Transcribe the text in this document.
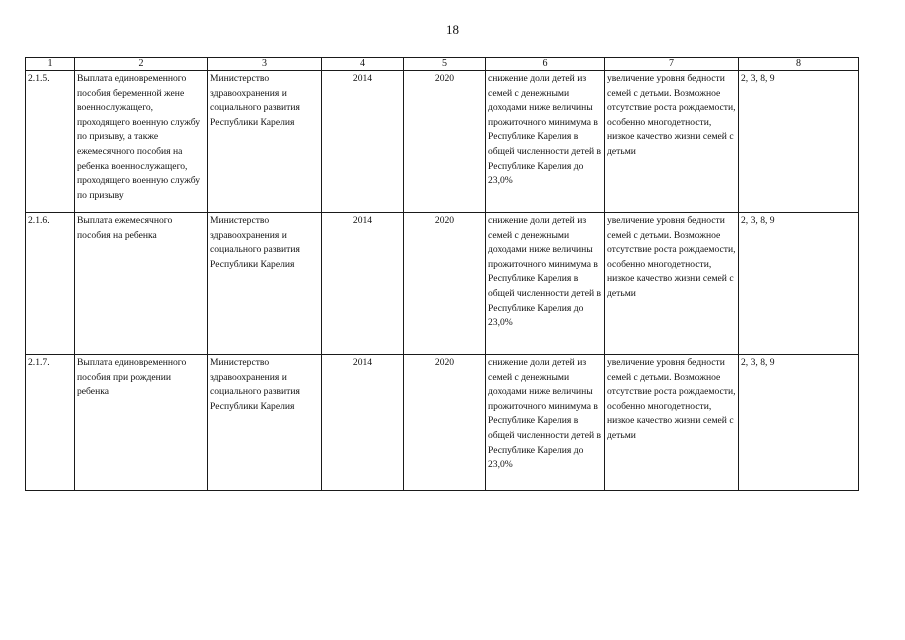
18
1	2	3	4	5	6	7	8
2.1.5.	Выплата единовременного пособия беременной жене военнослужащего, проходящего военную службу по призыву, а также ежемесячного пособия на ребенка военнослужащего, проходящего военную службу по призыву	Министерство здравоохранения и социального развития Республики Карелия	2014	2020	снижение доли детей из семей с денежными доходами ниже величины прожиточного минимума в Республике Карелия в общей численности детей в Республике Карелия до 23,0%	увеличение уровня бедности семей с детьми. Возможное отсутствие роста рождаемости, особенно многодетности, низкое качество жизни семей с детьми	2, 3, 8, 9
2.1.6.	Выплата ежемесячного пособия на ребенка	Министерство здравоохранения и социального развития Республики Карелия	2014	2020	снижение доли детей из семей с денежными доходами ниже величины прожиточного минимума в Республике Карелия в общей численности детей в Республике Карелия до 23,0%	увеличение уровня бедности семей с детьми. Возможное отсутствие роста рождаемости, особенно многодетности, низкое качество жизни семей с детьми	2, 3, 8, 9
2.1.7.	Выплата единовременного пособия при рождении ребенка	Министерство здравоохранения и социального развития Республики Карелия	2014	2020	снижение доли детей из семей с денежными доходами ниже величины прожиточного минимума в Республике Карелия в общей численности детей в Республике Карелия до 23,0%	увеличение уровня бедности семей с детьми. Возможное отсутствие роста рождаемости, особенно многодетности, низкое качество жизни семей с детьми	2, 3, 8, 9
